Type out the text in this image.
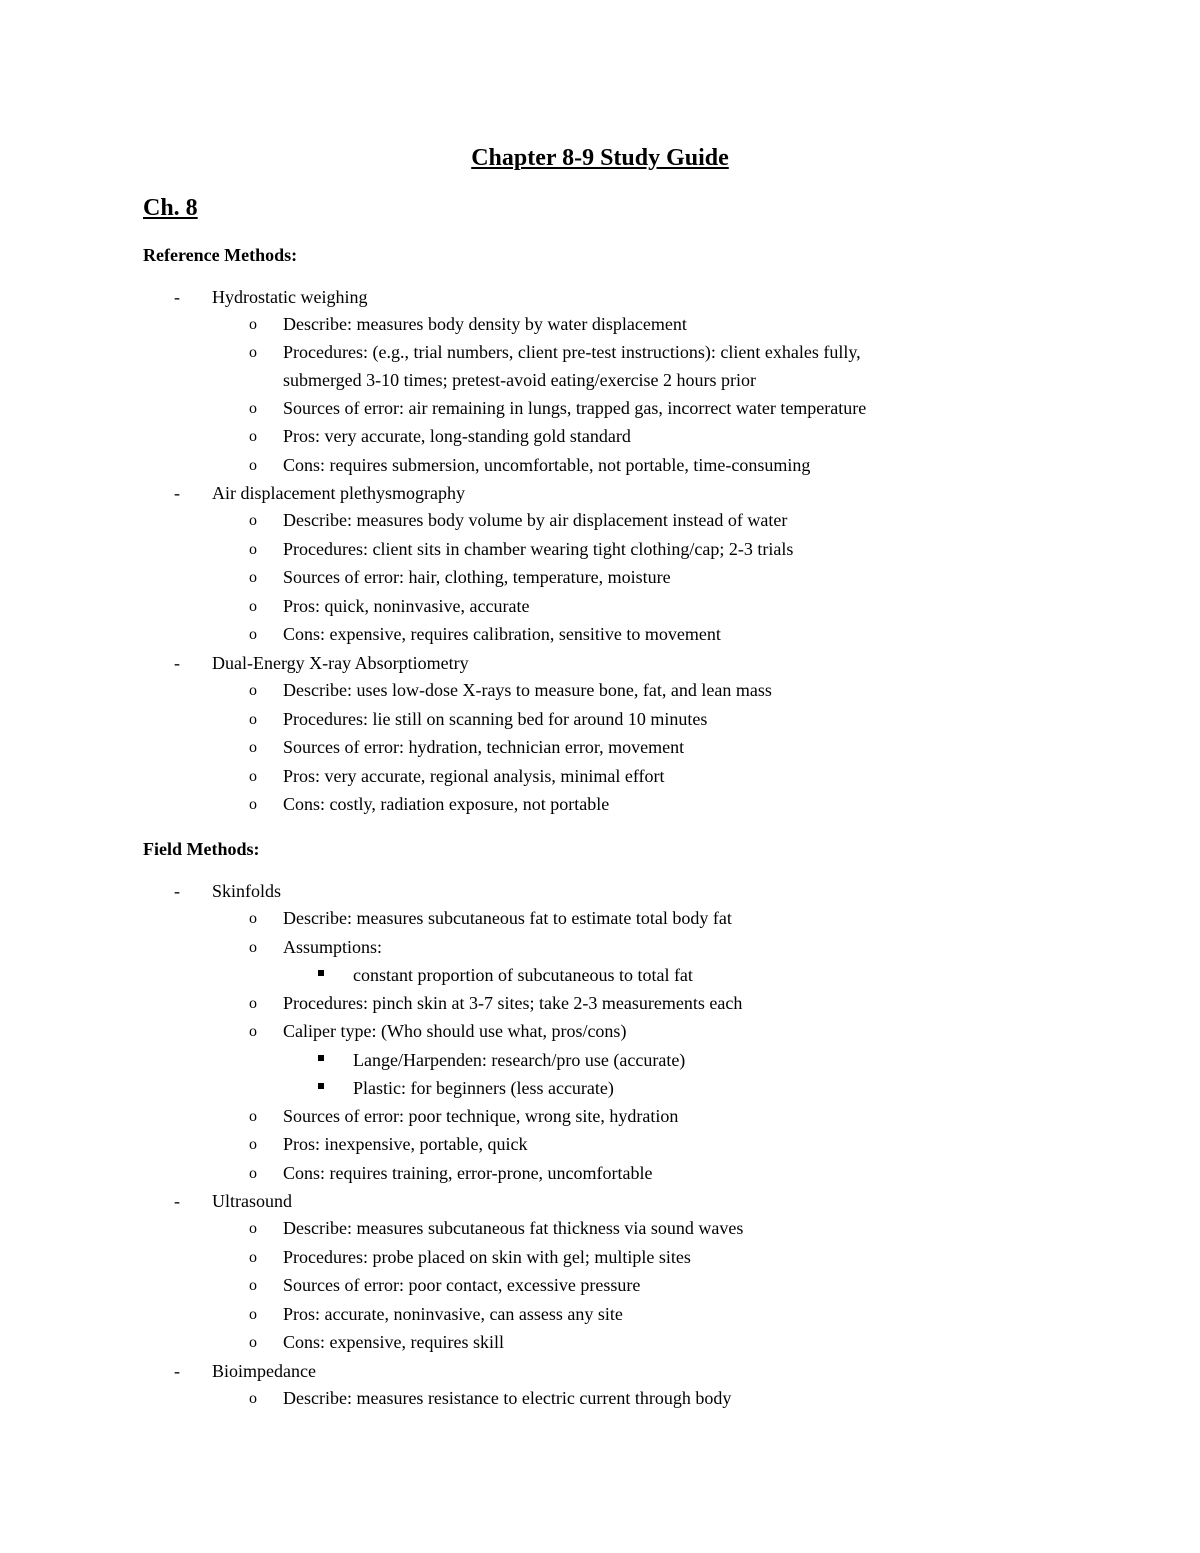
Chapter 8-9 Study Guide
Ch. 8
Reference Methods:
- Hydrostatic weighing
o Describe: measures body density by water displacement
o Procedures: (e.g., trial numbers, client pre-test instructions): client exhales fully,
submerged 3-10 times; pretest-avoid eating/exercise 2 hours prior
o Sources of error: air remaining in lungs, trapped gas, incorrect water temperature
o Pros: very accurate, long-standing gold standard
o Cons: requires submersion, uncomfortable, not portable, time-consuming
- Air displacement plethysmography
o Describe: measures body volume by air displacement instead of water
o Procedures: client sits in chamber wearing tight clothing/cap; 2-3 trials
o Sources of error: hair, clothing, temperature, moisture
o Pros: quick, noninvasive, accurate
o Cons: expensive, requires calibration, sensitive to movement
- Dual-Energy X-ray Absorptiometry
o Describe: uses low-dose X-rays to measure bone, fat, and lean mass
o Procedures: lie still on scanning bed for around 10 minutes
o Sources of error: hydration, technician error, movement
o Pros: very accurate, regional analysis, minimal effort
o Cons: costly, radiation exposure, not portable
Field Methods:
- Skinfolds
o Describe: measures subcutaneous fat to estimate total body fat
o Assumptions:
constant proportion of subcutaneous to total fat
o Procedures: pinch skin at 3-7 sites; take 2-3 measurements each
o Caliper type: (Who should use what, pros/cons)
Lange/Harpenden: research/pro use (accurate)
Plastic: for beginners (less accurate)
o Sources of error: poor technique, wrong site, hydration
o Pros: inexpensive, portable, quick
o Cons: requires training, error-prone, uncomfortable
- Ultrasound
o Describe: measures subcutaneous fat thickness via sound waves
o Procedures: probe placed on skin with gel; multiple sites
o Sources of error: poor contact, excessive pressure
o Pros: accurate, noninvasive, can assess any site
o Cons: expensive, requires skill
- Bioimpedance
o Describe: measures resistance to electric current through body
